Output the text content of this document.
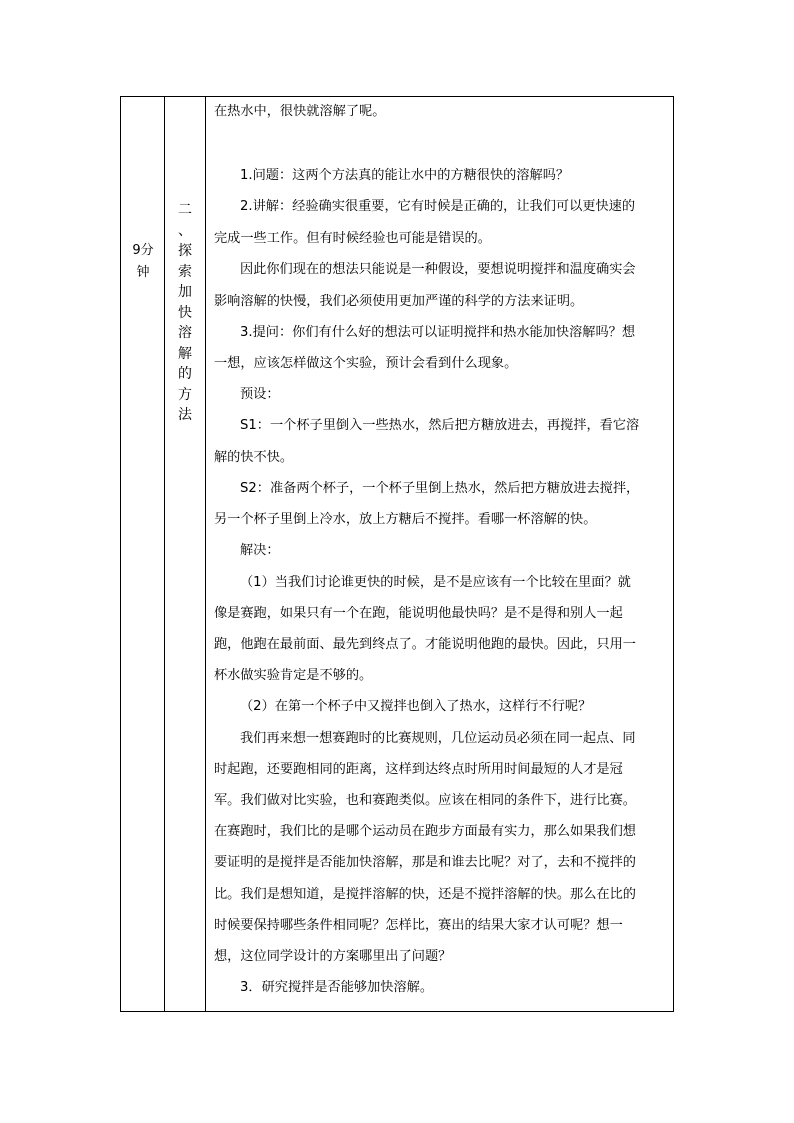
9分
钟
二
、
探
索
加
快
溶
解
的
方
法
在热水中，很快就溶解了呢。
1.问题：这两个方法真的能让水中的方糖很快的溶解吗？
2.讲解：经验确实很重要，它有时候是正确的，让我们可以更快速的
完成一些工作。但有时候经验也可能是错误的。
因此你们现在的想法只能说是一种假设，要想说明搅拌和温度确实会
影响溶解的快慢，我们必须使用更加严谨的科学的方法来证明。
3.提问：你们有什么好的想法可以证明搅拌和热水能加快溶解吗？想
一想，应该怎样做这个实验，预计会看到什么现象。
预设：
S1：一个杯子里倒入一些热水，然后把方糖放进去，再搅拌，看它溶
解的快不快。
S2：准备两个杯子，一个杯子里倒上热水，然后把方糖放进去搅拌，
另一个杯子里倒上冷水，放上方糖后不搅拌。看哪一杯溶解的快。
解决：
（1）当我们讨论谁更快的时候，是不是应该有一个比较在里面？就
像是赛跑，如果只有一个在跑，能说明他最快吗？是不是得和别人一起
跑，他跑在最前面、最先到终点了。才能说明他跑的最快。因此，只用一
杯水做实验肯定是不够的。
（2）在第一个杯子中又搅拌也倒入了热水，这样行不行呢？
我们再来想一想赛跑时的比赛规则，几位运动员必须在同一起点、同
时起跑，还要跑相同的距离，这样到达终点时所用时间最短的人才是冠
军。我们做对比实验，也和赛跑类似。应该在相同的条件下，进行比赛。
在赛跑时，我们比的是哪个运动员在跑步方面最有实力，那么如果我们想
要证明的是搅拌是否能加快溶解，那是和谁去比呢？对了，去和不搅拌的
比。我们是想知道，是搅拌溶解的快，还是不搅拌溶解的快。那么在比的
时候要保持哪些条件相同呢？怎样比，赛出的结果大家才认可呢？想一
想，这位同学设计的方案哪里出了问题？
3．研究搅拌是否能够加快溶解。
